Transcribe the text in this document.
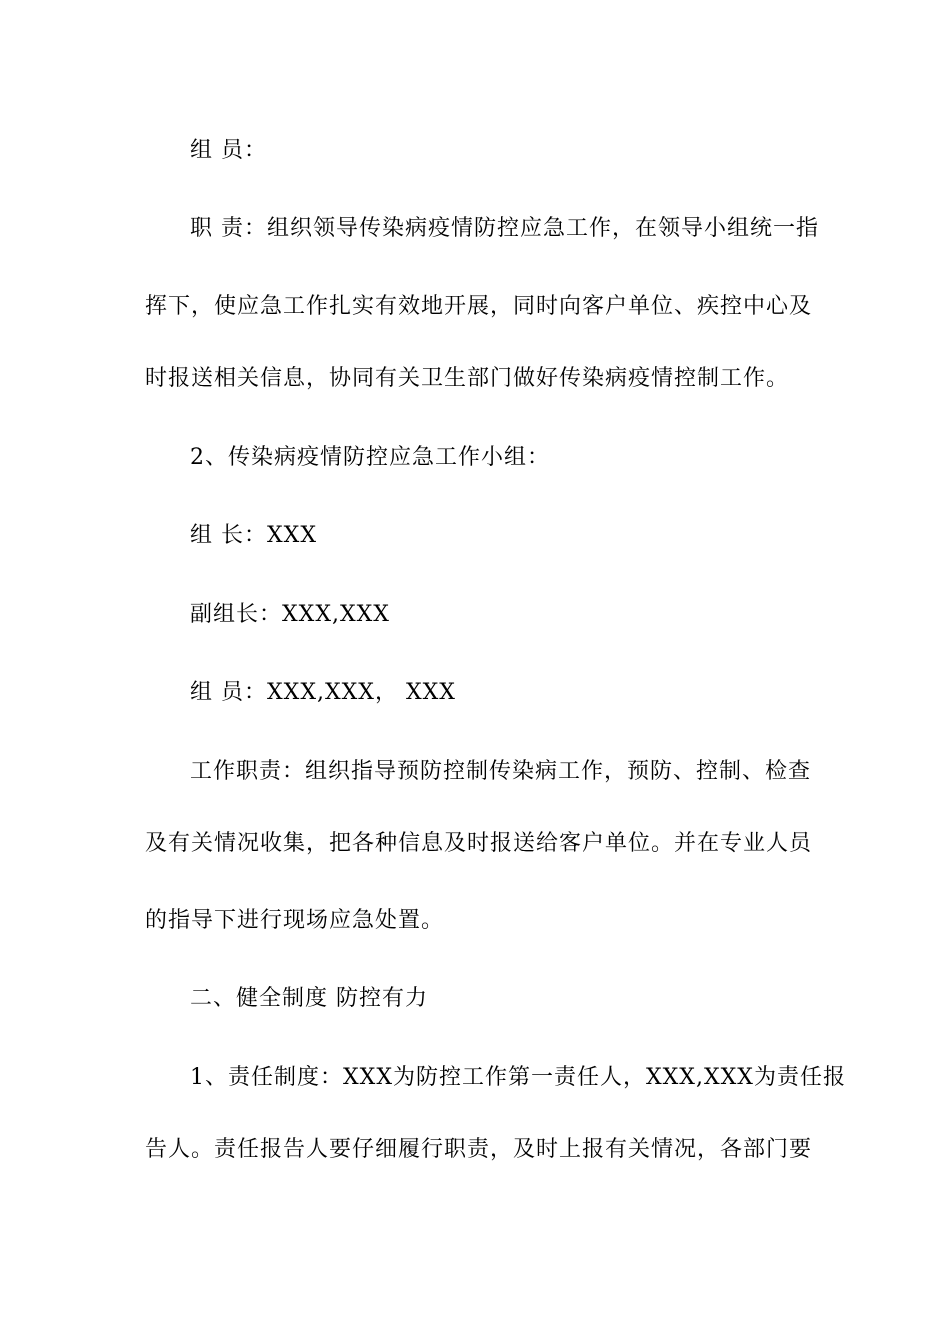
组 员：
职 责：组织领导传染病疫情防控应急工作，在领导小组统一指
挥下，使应急工作扎实有效地开展，同时向客户单位、疾控中心及
时报送相关信息，协同有关卫生部门做好传染病疫情控制工作。
2、传染病疫情防控应急工作小组：
组 长：XXX
副组长：XXX,XXX
组 员：XXX,XXX， XXX
工作职责：组织指导预防控制传染病工作，预防、控制、检查
及有关情况收集，把各种信息及时报送给客户单位。并在专业人员
的指导下进行现场应急处置。
二、健全制度 防控有力
1、责任制度：XXX为防控工作第一责任人，XXX,XXX为责任报
告人。责任报告人要仔细履行职责，及时上报有关情况，各部门要
